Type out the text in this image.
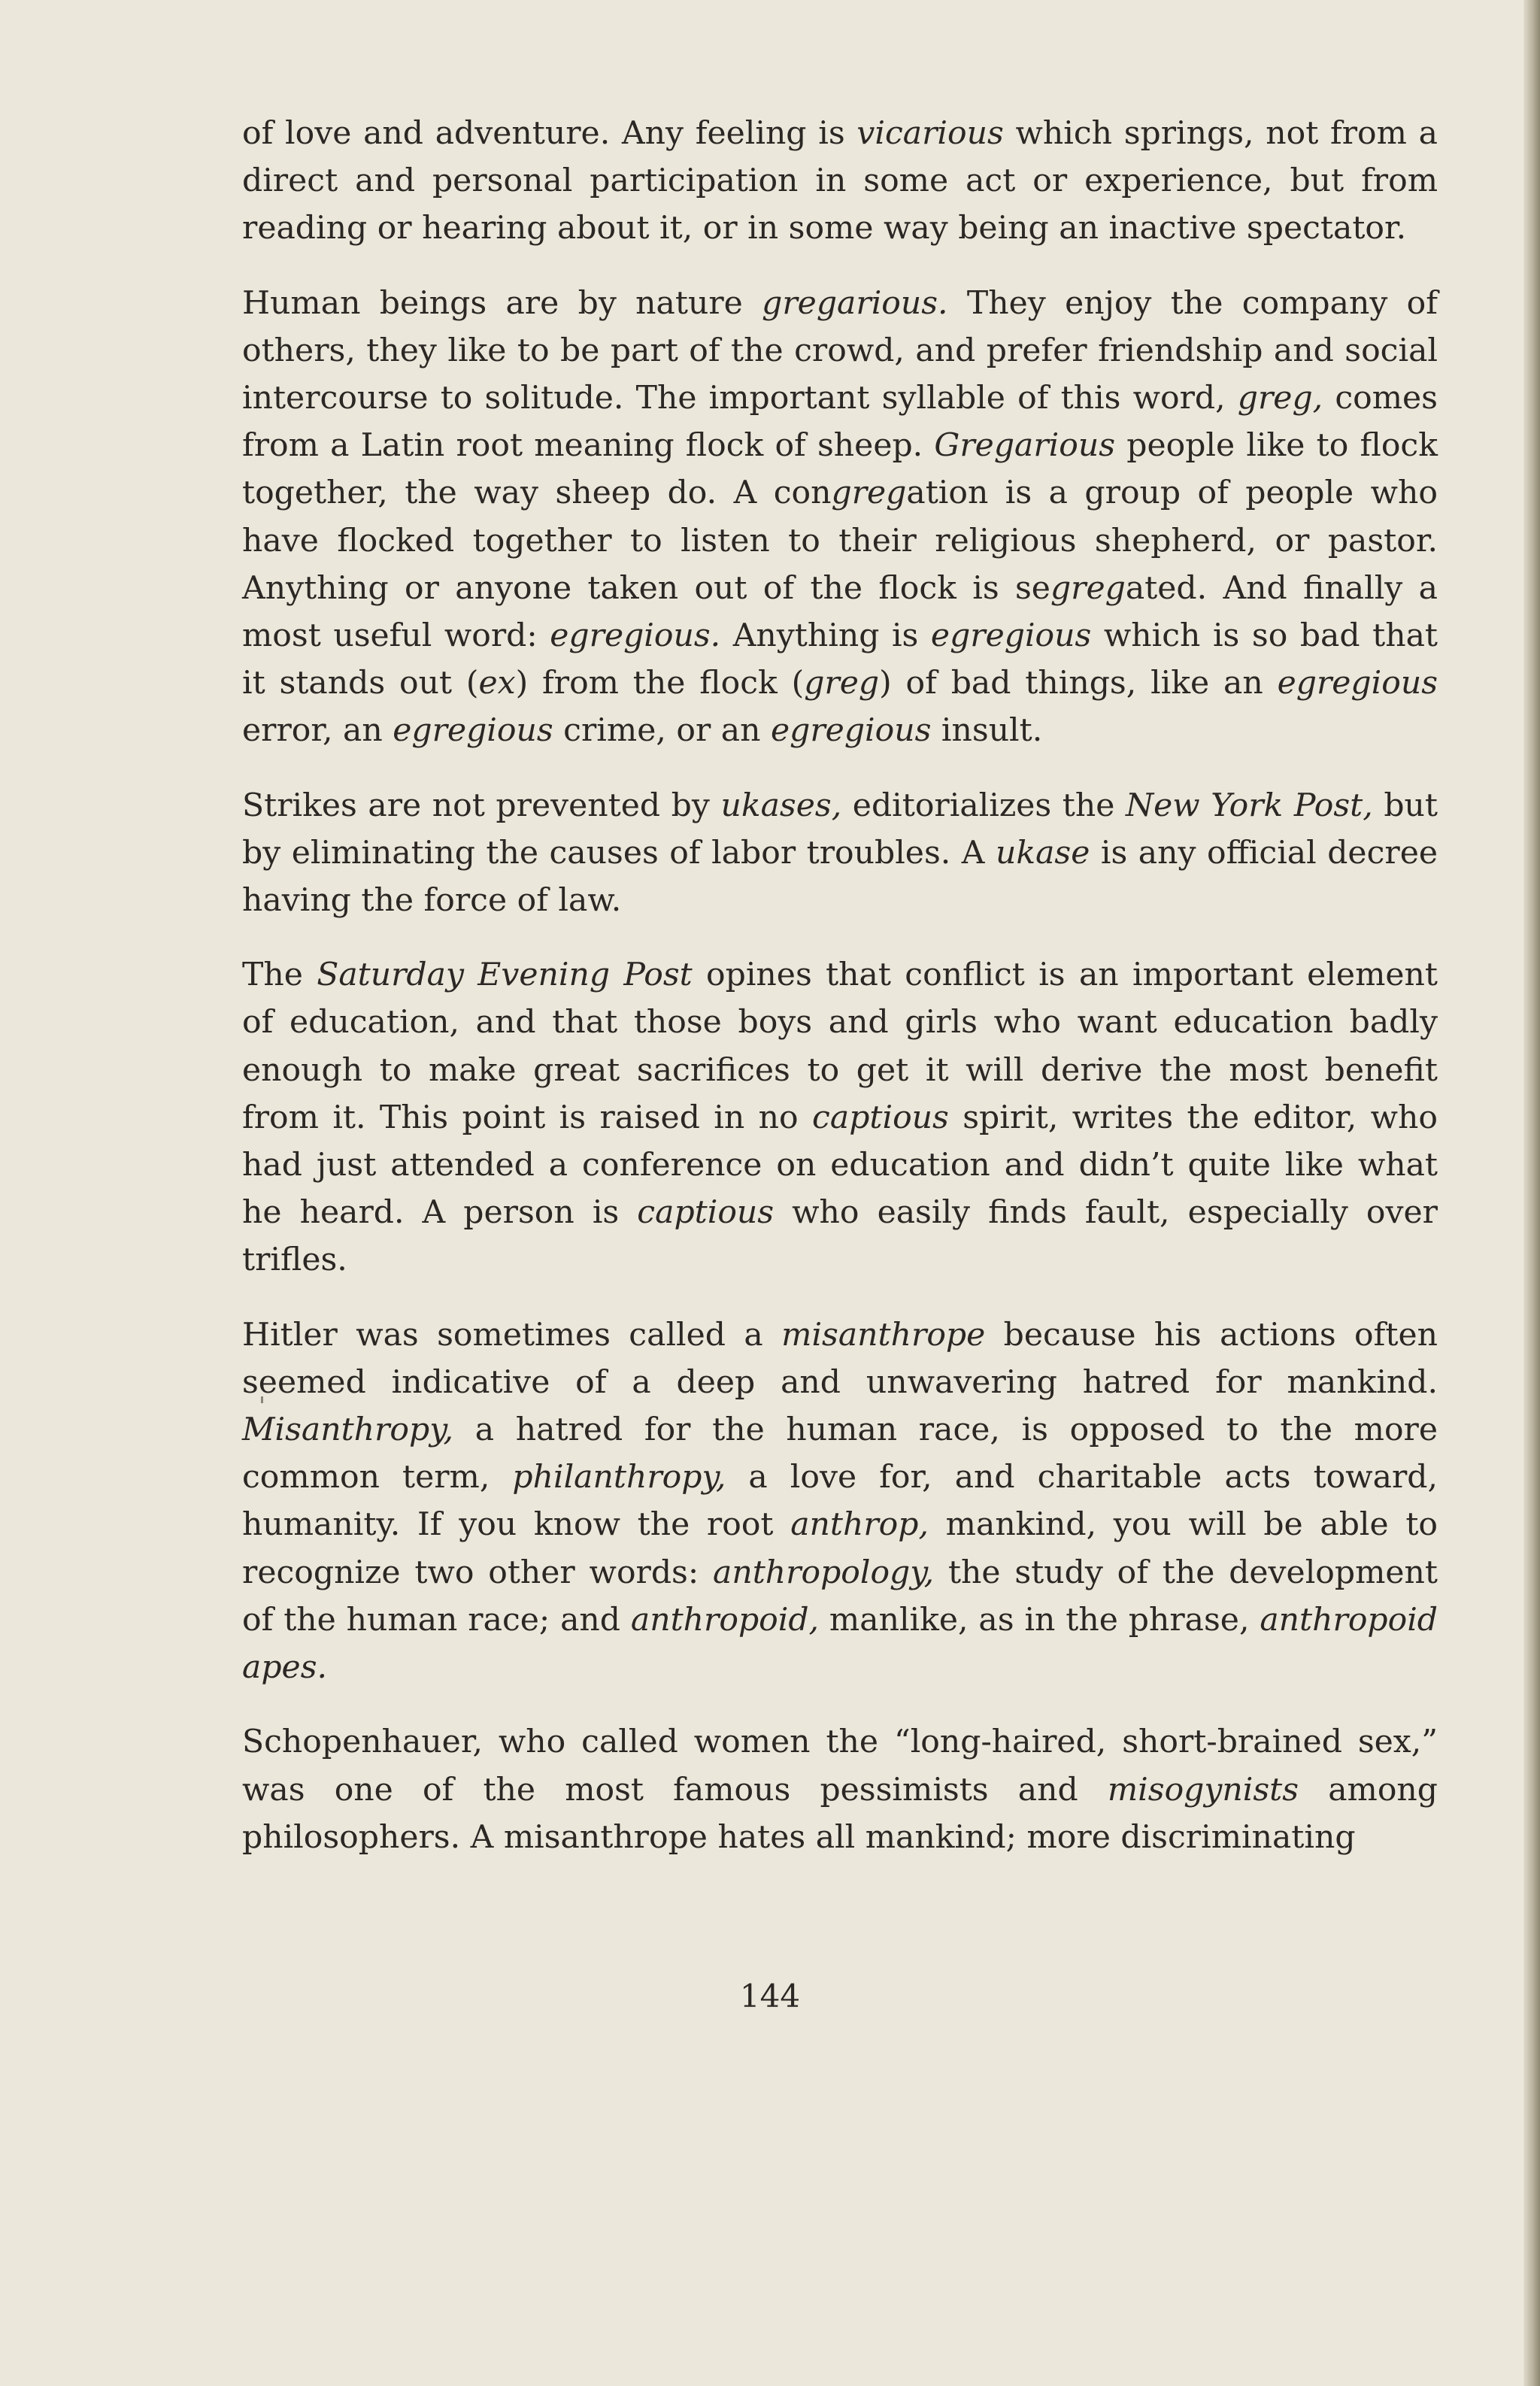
of love and adventure. Any feeling is vicarious which springs, not from a direct and personal participation in some act or experience, but from reading or hearing about it, or in some way being an inactive spectator.

Human beings are by nature gregarious. They enjoy the company of others, they like to be part of the crowd, and prefer friendship and social intercourse to solitude. The important syllable of this word, greg, comes from a Latin root meaning flock of sheep. Gregarious people like to flock together, the way sheep do. A congregation is a group of people who have flocked together to listen to their religious shepherd, or pastor. Anything or anyone taken out of the flock is segregated. And finally a most useful word: egregious. Anything is egregious which is so bad that it stands out (ex) from the flock (greg) of bad things, like an egregious error, an egregious crime, or an egregious insult.

Strikes are not prevented by ukases, editorializes the New York Post, but by eliminating the causes of labor troubles. A ukase is any official decree having the force of law.

The Saturday Evening Post opines that conflict is an important element of education, and that those boys and girls who want education badly enough to make great sacrifices to get it will derive the most benefit from it. This point is raised in no captious spirit, writes the editor, who had just attended a conference on education and didn’t quite like what he heard. A person is captious who easily finds fault, especially over trifles.

Hitler was sometimes called a misanthrope because his actions often seemed indicative of a deep and unwavering hatred for mankind. Misanthropy, a hatred for the human race, is opposed to the more common term, philanthropy, a love for, and charitable acts toward, humanity. If you know the root anthrop, mankind, you will be able to recognize two other words: anthropology, the study of the development of the human race; and anthropoid, manlike, as in the phrase, anthropoid apes.

Schopenhauer, who called women the “long-haired, short-brained sex,” was one of the most famous pessimists and misogynists among philosophers. A misanthrope hates all mankind; more discriminating

144
